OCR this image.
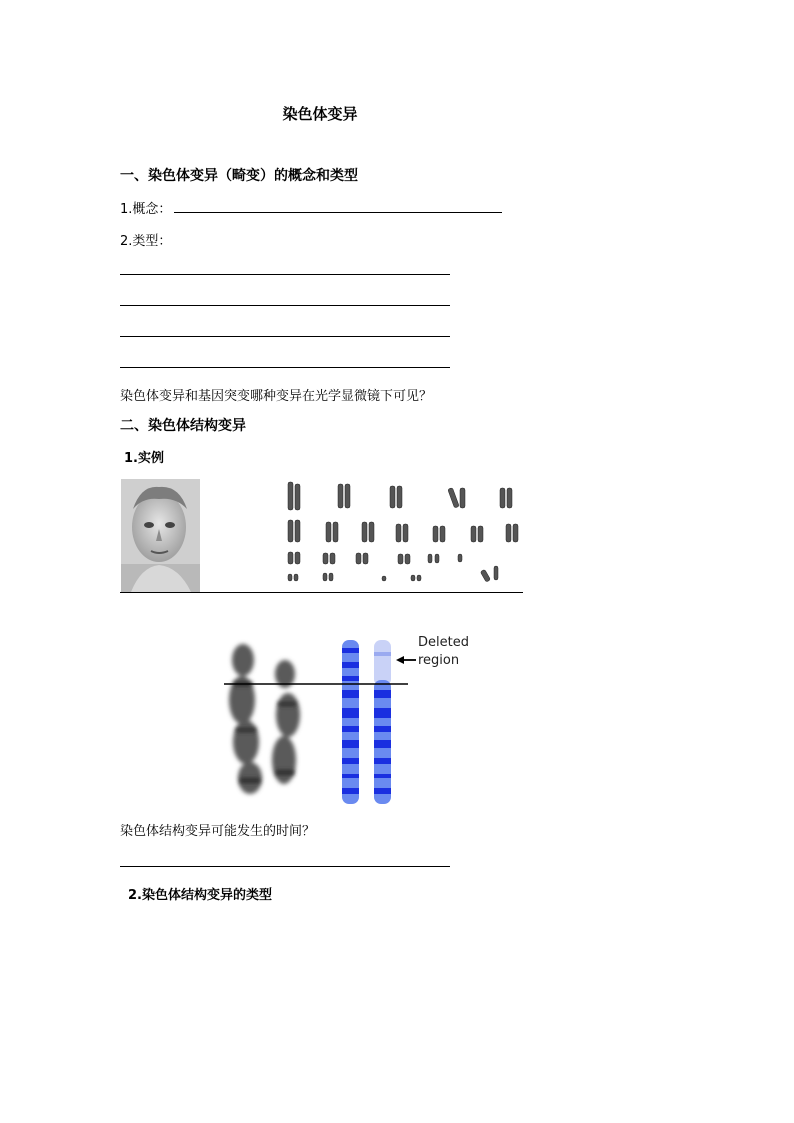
染色体变异
一、染色体变异（畸变）的概念和类型
1.概念：
2.类型：
染色体变异和基因突变哪种变异在光学显微镜下可见？
二、染色体结构变异
1.实例
Deleted
region
染色体结构变异可能发生的时间？
2.染色体结构变异的类型
